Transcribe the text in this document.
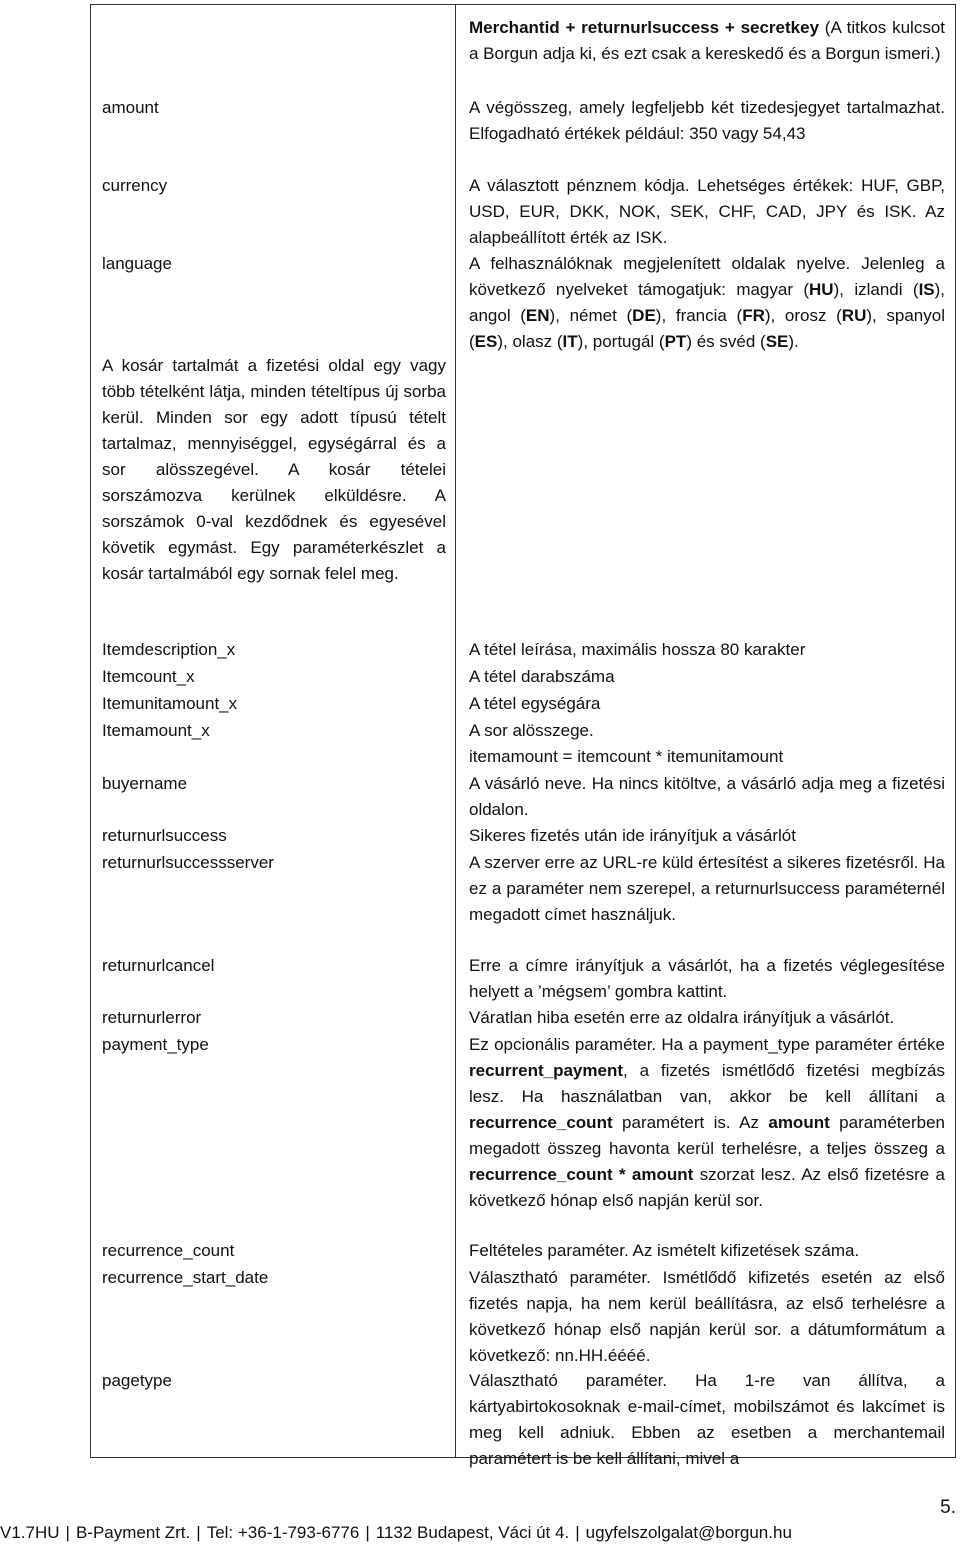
amount
currency
language
A kosár tartalmát a fizetési oldal egy vagy több tételként látja, minden tételtípus új sorba kerül. Minden sor egy adott típusú tételt tartalmaz, mennyiséggel, egységárral és a sor alösszegével. A kosár tételei sorszámozva kerülnek elküldésre. A sorszámok 0-val kezdődnek és egyesével követik egymást. Egy paraméterkészlet a kosár tartalmából egy sornak felel meg.
Itemdescription_x
Itemcount_x
Itemunitamount_x
Itemamount_x
buyername
returnurlsuccess
returnurlsuccessserver
returnurlcancel
returnurlerror
payment_type
recurrence_count
recurrence_start_date
pagetype

Merchantid + returnurlsuccess + secretkey (A titkos kulcsot a Borgun adja ki, és ezt csak a kereskedő és a Borgun ismeri.)

A végösszeg, amely legfeljebb két tizedesjegyet tartalmazhat. Elfogadható értékek például: 350 vagy 54,43

A választott pénznem kódja. Lehetséges értékek: HUF, GBP, USD, EUR, DKK, NOK, SEK, CHF, CAD, JPY és ISK. Az alapbeállított érték az ISK.

A felhasználóknak megjelenített oldalak nyelve. Jelenleg a következő nyelveket támogatjuk: magyar (HU), izlandi (IS), angol (EN), német (DE), francia (FR), orosz (RU), spanyol (ES), olasz (IT), portugál (PT) és svéd (SE).

A tétel leírása, maximális hossza 80 karakter

A tétel darabszáma

A tétel egységára

A sor alösszege.

itemamount = itemcount * itemunitamount

A vásárló neve. Ha nincs kitöltve, a vásárló adja meg a fizetési oldalon.

Sikeres fizetés után ide irányítjuk a vásárlót

A szerver erre az URL-re küld értesítést a sikeres fizetésről. Ha ez a paraméter nem szerepel, a returnurlsuccess paraméternél megadott címet használjuk.

Erre a címre irányítjuk a vásárlót, ha a fizetés véglegesítése helyett a ’mégsem’ gombra kattint.

Váratlan hiba esetén erre az oldalra irányítjuk a vásárlót.

Ez opcionális paraméter. Ha a payment_type paraméter értéke recurrent_payment, a fizetés ismétlődő fizetési megbízás lesz. Ha használatban van, akkor be kell állítani a recurrence_count paramétert is. Az amount paraméterben megadott összeg havonta kerül terhelésre, a teljes összeg a recurrence_count * amount szorzat lesz. Az első fizetésre a következő hónap első napján kerül sor.

Feltételes paraméter. Az ismételt kifizetések száma.

Választható paraméter. Ismétlődő kifizetés esetén az első fizetés napja, ha nem kerül beállításra, az első terhelésre a következő hónap első napján kerül sor. a dátumformátum a következő: nn.HH.éééé.

Választható paraméter. Ha 1-re van állítva, a kártyabirtokosoknak e-mail-címet, mobilszámot és lakcímet is meg kell adniuk. Ebben az esetben a merchantemail paramétert is be kell állítani, mivel a

V1.7HU | B-Payment Zrt. | Tel: +36-1-793-6776 | 1132 Budapest, Váci út 4. | ugyfelszolgalat@borgun.hu
5.
